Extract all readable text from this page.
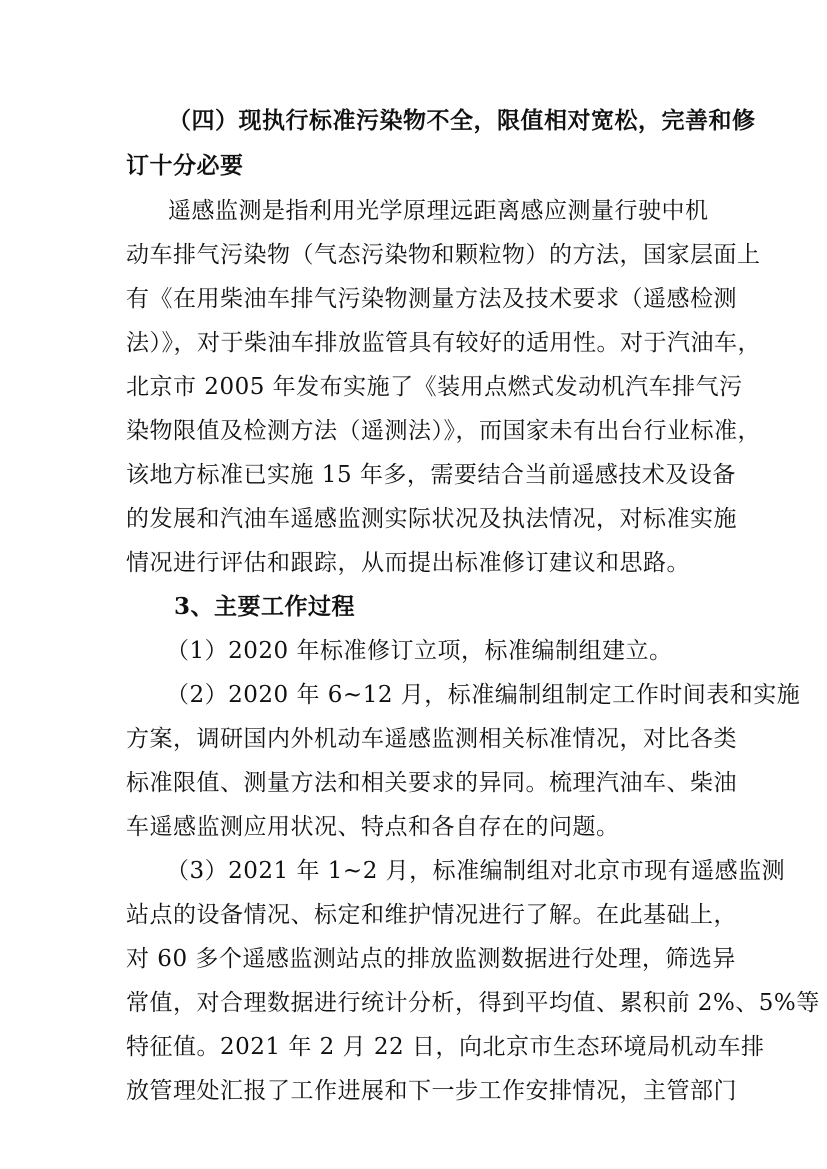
（四）现执行标准污染物不全，限值相对宽松，完善和修
订十分必要
遥感监测是指利用光学原理远距离感应测量行驶中机
动车排气污染物（气态污染物和颗粒物）的方法，国家层面上
有《在用柴油车排气污染物测量方法及技术要求（遥感检测
法）》，对于柴油车排放监管具有较好的适用性。对于汽油车，
北京市 2005 年发布实施了《装用点燃式发动机汽车排气污
染物限值及检测方法（遥测法）》，而国家未有出台行业标准，
该地方标准已实施 15 年多，需要结合当前遥感技术及设备
的发展和汽油车遥感监测实际状况及执法情况，对标准实施
情况进行评估和跟踪，从而提出标准修订建议和思路。
3、主要工作过程
（1）2020 年标准修订立项，标准编制组建立。
（2）2020 年 6~12 月，标准编制组制定工作时间表和实施
方案，调研国内外机动车遥感监测相关标准情况，对比各类
标准限值、测量方法和相关要求的异同。梳理汽油车、柴油
车遥感监测应用状况、特点和各自存在的问题。
（3）2021 年 1~2 月，标准编制组对北京市现有遥感监测
站点的设备情况、标定和维护情况进行了解。在此基础上，
对 60 多个遥感监测站点的排放监测数据进行处理，筛选异
常值，对合理数据进行统计分析，得到平均值、累积前 2%、5%等
特征值。2021 年 2 月 22 日，向北京市生态环境局机动车排
放管理处汇报了工作进展和下一步工作安排情况，主管部门
